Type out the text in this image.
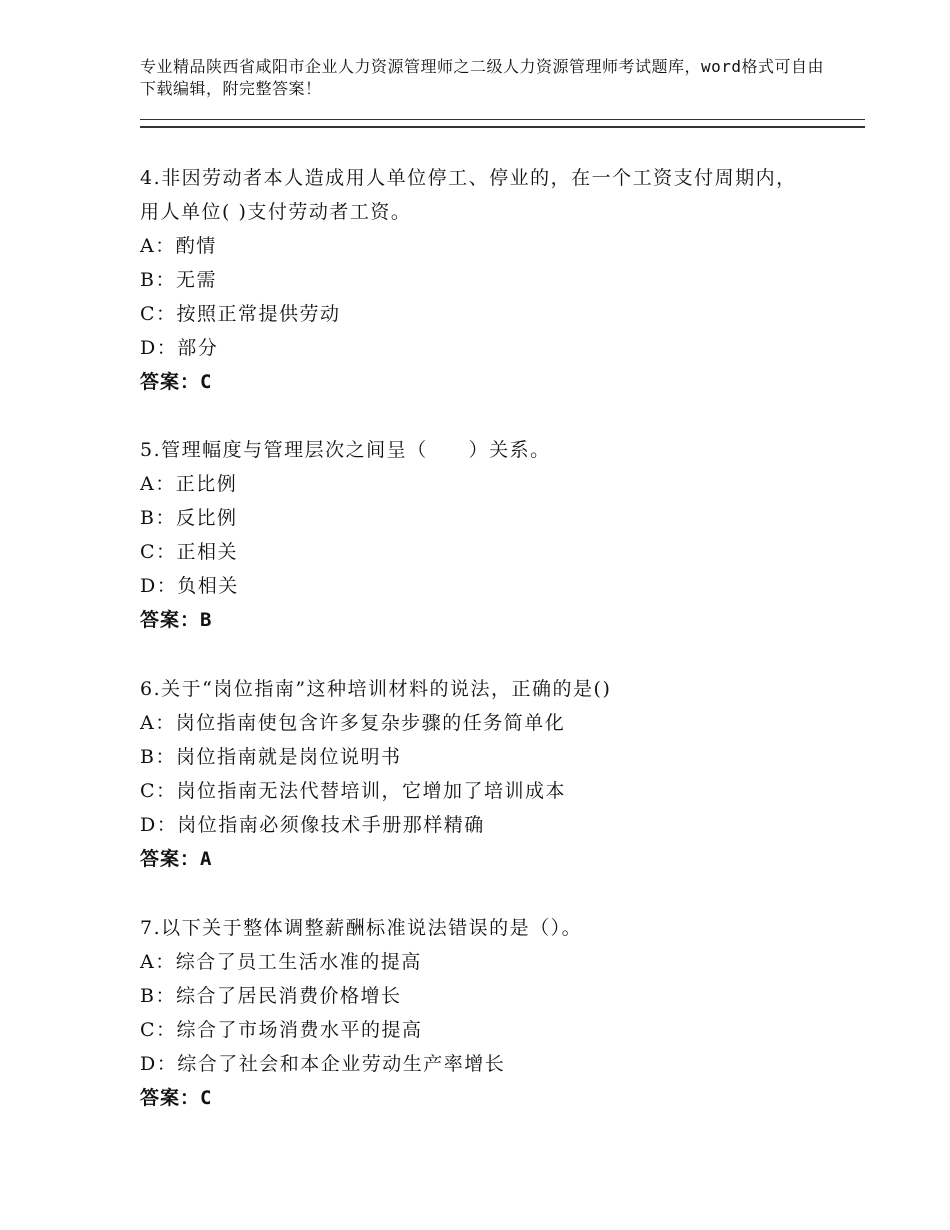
专业精品陕西省咸阳市企业人力资源管理师之二级人力资源管理师考试题库，word格式可自由下载编辑，附完整答案！
4.非因劳动者本人造成用人单位停工、停业的，在一个工资支付周期内，用人单位( )支付劳动者工资。
A：酌情
B：无需
C：按照正常提供劳动
D：部分
答案：C
5.管理幅度与管理层次之间呈（　　）关系。
A：正比例
B：反比例
C：正相关
D：负相关
答案：B
6.关于“岗位指南”这种培训材料的说法，正确的是()
A：岗位指南使包含许多复杂步骤的任务简单化
B：岗位指南就是岗位说明书
C：岗位指南无法代替培训，它增加了培训成本
D：岗位指南必须像技术手册那样精确
答案：A
7.以下关于整体调整薪酬标准说法错误的是（）。
A：综合了员工生活水准的提高
B：综合了居民消费价格增长
C：综合了市场消费水平的提高
D：综合了社会和本企业劳动生产率增长
答案：C
